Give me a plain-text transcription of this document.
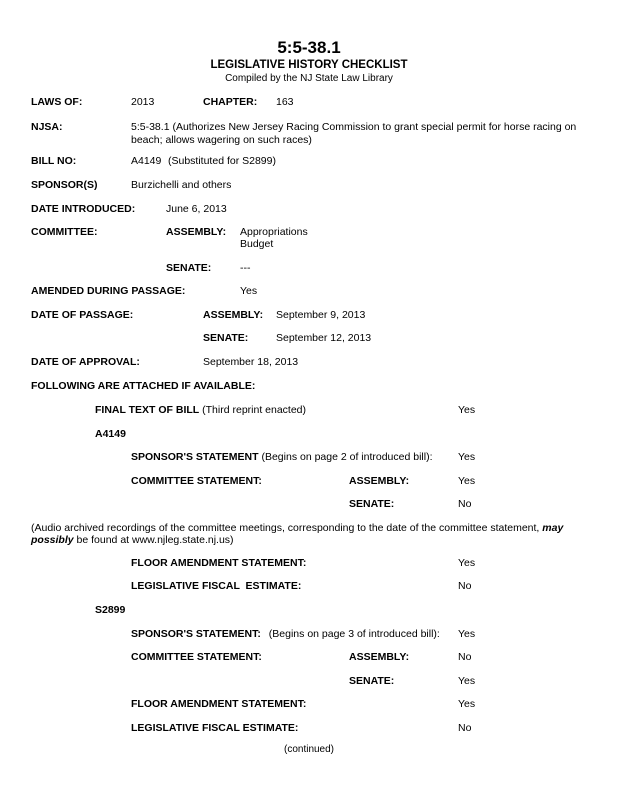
5:5-38.1
LEGISLATIVE HISTORY CHECKLIST
Compiled by the NJ State Law Library
LAWS OF:	2013	CHAPTER: 163
NJSA:	5:5-38.1 (Authorizes New Jersey Racing Commission to grant special permit for horse racing on beach; allows wagering on such races)
BILL NO:	A4149 (Substituted for S2899)
SPONSOR(S)	Burzichelli and others
DATE INTRODUCED:	June 6, 2013
COMMITTEE:	ASSEMBLY: Appropriations
Budget
SENATE:	---
AMENDED DURING PASSAGE:	Yes
DATE OF PASSAGE:	ASSEMBLY: September 9, 2013
SENATE:	September 12, 2013
DATE OF APPROVAL:	September 18, 2013
FOLLOWING ARE ATTACHED IF AVAILABLE:
FINAL TEXT OF BILL (Third reprint enacted)	Yes
A4149
SPONSOR'S STATEMENT (Begins on page 2 of introduced bill): Yes
COMMITTEE STATEMENT:	ASSEMBLY:	Yes
SENATE:	No
(Audio archived recordings of the committee meetings, corresponding to the date of the committee statement, may possibly be found at www.njleg.state.nj.us)
FLOOR AMENDMENT STATEMENT:	Yes
LEGISLATIVE FISCAL  ESTIMATE:	No
S2899
SPONSOR'S STATEMENT: (Begins on page 3 of introduced bill): Yes
COMMITTEE STATEMENT:	ASSEMBLY:	No
SENATE:	Yes
FLOOR AMENDMENT STATEMENT:	Yes
LEGISLATIVE FISCAL ESTIMATE:	No
(continued)
